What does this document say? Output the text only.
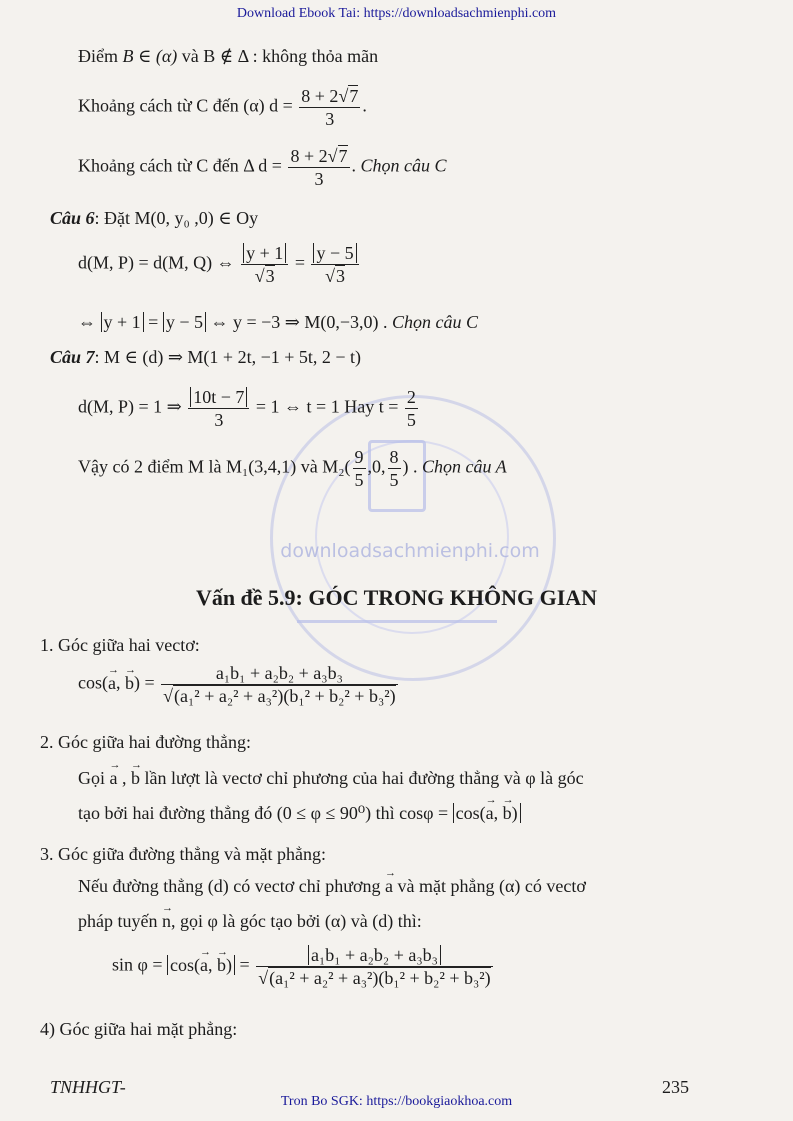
Download Ebook Tai: https://downloadsachmienphi.com
downloadsachmienphi.com
Điểm B ∈ (α) và B ∉ Δ : không thỏa mãn
Khoảng cách từ C đến (α) $d = \frac{8 + 2√7}{3}$ .
Khoảng cách từ C đến Δ $d = \frac{8 + 2√7}{3}$ . Chọn câu C
Câu 6: Đặt M(0, y₀ ,0) ∈ Oy
d(M, P) = d(M, Q) ⇔ $\frac{y + 1}{√3} = \frac{y - 5}{√3}$
⇔ y + 1 = y − 5 ⇔ y = −3 ⇒ M(0,−3,0) . Chọn câu C
Câu 7: M ∈ (d) ⇒ M(1 + 2t, −1 + 5t, 2 − t)
d(M, P) = 1 ⇒ $\frac{10t - 7}{3} = 1$ ⇔ t = 1 Hay $t = \frac{2}{5}$
Vậy có 2 điểm M là M₁(3,4,1) và $M_2( \frac{9}{5} ,0$, $\frac{8}{5}$ ) . Chọn câu A
Vấn đề 5.9: GÓC TRONG KHÔNG GIAN
1. Góc giữa hai vectơ:
cos(→ a, → $b) = \frac{\text{a₁b₁ + a₂b₂ + a₃b₃}}{\text{√(a₁² + a₂² + a₃²)(b₁² + b₂² + b₃²)}}$
2. Góc giữa hai đường thẳng:
Gọi → a , → b lần lượt là vectơ chỉ phương của hai đường thẳng và φ là góc
tạo bởi hai đường thẳng đó (0 ≤ φ ≤ 90⁰) thì cosφ = cos(→ a, → b)
3. Góc giữa đường thẳng và mặt phẳng:
Nếu đường thẳng (d) có vectơ chỉ phương → a và mặt phẳng (α) có vectơ
pháp tuyến → n, gọi φ là góc tạo bởi (α) và (d) thì:
sin φ = cos(→ a, → $b) = \frac{\text{a₁b₁ + a₂b₂ + a₃b₃}}{\text{√(a₁² + a₂² + a₃²)(b₁² + b₂² + b₃²)}}$
4) Góc giữa hai mặt phẳng:
TNHHGT-	235
Tron Bo SGK: https://bookgiaokhoa.com
